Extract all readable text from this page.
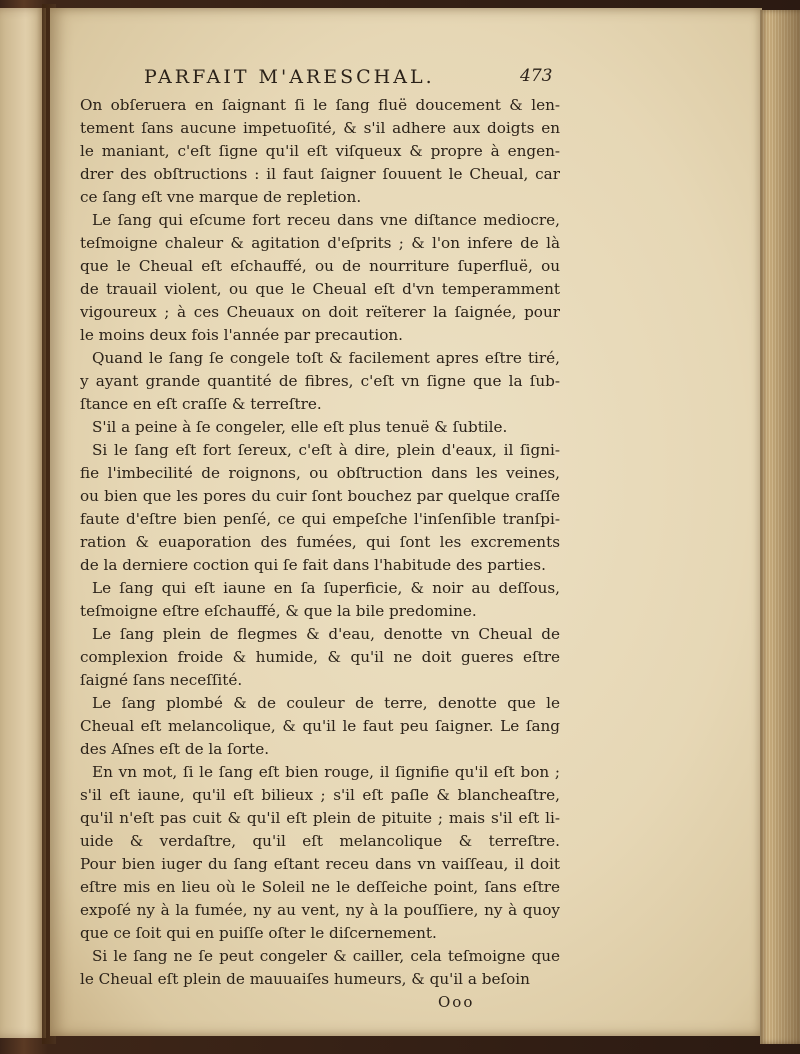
PARFAIT M'ARESCHAL.	473
On obſeruera en ſaignant ſi le ſang fluë doucement & len-
tement ſans aucune impetuoſité, & s'il adhere aux doigts en
le maniant, c'eſt ſigne qu'il eſt viſqueux & propre à engen-
drer des obſtructions : il faut ſaigner ſouuent le Cheual, car
ce ſang eſt vne marque de repletion.
Le ſang qui eſcume fort receu dans vne diſtance mediocre,
teſmoigne chaleur & agitation d'eſprits ; & l'on infere de là
que le Cheual eſt eſchauffé, ou de nourriture ſuperfluë, ou
de trauail violent, ou que le Cheual eſt d'vn temperamment
vigoureux ; à ces Cheuaux on doit reïterer la ſaignée, pour
le moins deux fois l'année par precaution.
Quand le ſang ſe congele toſt & facilement apres eſtre tiré,
y ayant grande quantité de fibres, c'eſt vn ſigne que la ſub-
ſtance en eſt craſſe & terreſtre.
S'il a peine à ſe congeler, elle eſt plus tenuë & ſubtile.
Si le ſang eſt fort ſereux, c'eſt à dire, plein d'eaux, il ſigni-
fie l'imbecilité de roignons, ou obſtruction dans les veines,
ou bien que les pores du cuir ſont bouchez par quelque craſſe
faute d'eſtre bien penſé, ce qui empeſche l'inſenſible tranſpi-
ration & euaporation des fumées, qui ſont les excrements
de la derniere coction qui ſe fait dans l'habitude des parties.
Le ſang qui eſt iaune en ſa ſuperficie, & noir au deſſous,
teſmoigne eſtre eſchauffé, & que la bile predomine.
Le ſang plein de flegmes & d'eau, denotte vn Cheual de
complexion froide & humide, & qu'il ne doit gueres eſtre
ſaigné ſans neceſſité.
Le ſang plombé & de couleur de terre, denotte que le
Cheual eſt melancolique, & qu'il le faut peu ſaigner. Le ſang
des Aſnes eſt de la ſorte.
En vn mot, ſi le ſang eſt bien rouge, il ſignifie qu'il eſt bon ;
s'il eſt iaune, qu'il eſt bilieux ; s'il eſt paſle & blancheaſtre,
qu'il n'eſt pas cuit & qu'il eſt plein de pituite ; mais s'il eſt li-
uide & verdaſtre, qu'il eſt melancolique & terreſtre.
Pour bien iuger du ſang eſtant receu dans vn vaiſſeau, il doit
eſtre mis en lieu où le Soleil ne le deſſeiche point, ſans eſtre
expoſé ny à la fumée, ny au vent, ny à la pouſſiere, ny à quoy
que ce ſoit qui en puiſſe oſter le diſcernement.
Si le ſang ne ſe peut congeler & cailler, cela teſmoigne que
le Cheual eſt plein de mauuaiſes humeurs, & qu'il a beſoin
Ooo
